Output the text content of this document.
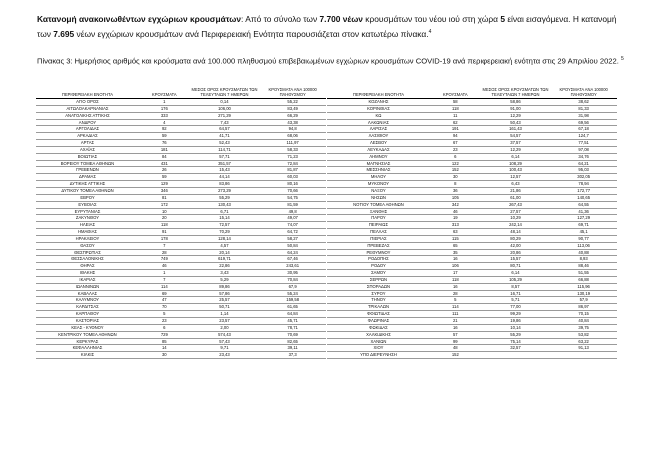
Κατανομή ανακοινωθέντων εγχώριων κρουσμάτων: Από το σύνολο των 7.700 νέων κρουσμάτων του νέου ιού στη χώρα 5 είναι εισαγόμενα. Η κατανομή των 7.695 νέων εγχώριων κρουσμάτων ανά Περιφερειακή Ενότητα παρουσιάζεται στον κατωτέρω πίνακα.$^4$
Πίνακας 3: Ημερήσιος αριθμός και κρούσματα ανά 100.000 πληθυσμού επιβεβαιωμένων εγχώριων κρουσμάτων COVID-19 ανά περιφερειακή ενότητα στις 29 Απριλίου 2022. $^5$
ΠΕΡΙΦΕΡΕΙΑΚΗ ΕΝΟΤΗΤΑ	ΚΡΟΥΣΜΑΤΑ	ΜΕΣΟΣ ΟΡΟΣ ΚΡΟΥΣΜΑΤΩΝ ΤΩΝ ΤΕΛΕΥΤΑΙΩΝ 7 ΗΜΕΡΩΝ	ΚΡΟΥΣΜΑΤΑ ΑΝΑ 100000 ΠΛΗΘΥΣΜΟΥ
ΑΓΙΟ ΟΡΟΣ	1	0,14	55,22
ΑΙΤΩΛΟΑΚΑΡΝΑΝΙΑΣ	176	106,00	83,49
ΑΝΑΤΟΛΙΚΗΣ ΑΤΤΙΚΗΣ	333	271,29	66,29
ΑΝΔΡΟΥ	4	7,43	43,38
ΑΡΓΟΛΙΔΑΣ	92	64,57	94,8
ΑΡΚΑΔΙΑΣ	59	41,71	68,06
ΑΡΤΑΣ	76	52,43	111,97
ΑΧΑΪΑΣ	181	114,71	58,33
ΒΟΙΩΤΙΑΣ	84	57,71	71,23
ΒΟΡΕΙΟΥ ΤΟΜΕΑ ΑΘΗΝΩΝ	431	351,57	72,84
ΓΡΕΒΕΝΩΝ	26	15,43	81,87
ΔΡΑΜΑΣ	59	44,14	60,03
ΔΥΤΙΚΗΣ ΑΤΤΙΚΗΣ	129	83,86	80,16
ΔΥΤΙΚΟΥ ΤΟΜΕΑ ΑΘΗΝΩΝ	346	273,29	70,66
ΕΒΡΟΥ	81	55,29	54,75
ΕΥΒΟΙΑΣ	172	130,43	81,59
ΕΥΡΥΤΑΝΙΑΣ	10	6,71	49,8
ΖΑΚΥΝΘΟΥ	20	15,14	49,07
ΗΛΕΙΑΣ	118	72,57	74,07
ΗΜΑΘΙΑΣ	91	70,29	64,72
ΗΡΑΚΛΕΙΟΥ	178	128,14	58,27
ΘΑΣΟΥ	7	4,57	50,84
ΘΕΣΠΡΩΤΙΑΣ	28	20,14	64,24
ΘΕΣΣΑΛΟΝΙΚΗΣ	749	619,71	67,46
ΘΗΡΑΣ	46	22,86	243,61
ΙΘΑΚΗΣ	1	3,43	30,95
ΙΚΑΡΙΑΣ	7	5,29	70,84
ΙΩΑΝΝΙΝΩΝ	114	89,86	67,9
ΚΑΒΑΛΑΣ	69	57,86	55,24
ΚΑΛΥΜΝΟΥ	47	25,57	159,58
ΚΑΡΔΙΤΣΑΣ	70	50,71	61,65
ΚΑΡΠΑΘΟΥ	5	1,14	64,84
ΚΑΣΤΟΡΙΑΣ	23	23,57	45,71
ΚΕΑΣ - ΚΥΘΝΟΥ	6	2,00	78,71
ΚΕΝΤΡΙΚΟΥ ΤΟΜΕΑ ΑΘΗΝΩΝ	729	574,43	70,69
ΚΕΡΚΥΡΑΣ	85	57,43	82,65
ΚΕΦΑΛΛΗΝΙΑΣ	14	9,71	39,11
ΚΙΛΚΙΣ	30	23,43	37,3
ΠΕΡΙΦΕΡΕΙΑΚΗ ΕΝΟΤΗΤΑ	ΚΡΟΥΣΜΑΤΑ	ΜΕΣΟΣ ΟΡΟΣ ΚΡΟΥΣΜΑΤΩΝ ΤΩΝ ΤΕΛΕΥΤΑΙΩΝ 7 ΗΜΕΡΩΝ	ΚΡΟΥΣΜΑΤΑ ΑΝΑ 100000 ΠΛΗΘΥΣΜΟΥ
ΚΟΖΑΝΗΣ	58	58,86	38,62
ΚΟΡΙΝΘΙΑΣ	118	91,00	81,33
ΚΩ	11	12,29	31,98
ΛΑΚΩΝΙΑΣ	62	50,43	69,56
ΛΑΡΙΣΑΣ	191	161,43	67,18
ΛΑΣΙΘΙΟΥ	94	54,57	124,7
ΛΕΣΒΟΥ	67	37,57	77,51
ΛΕΥΚΑΔΑΣ	23	12,29	97,08
ΛΗΜΝΟΥ	6	6,14	34,76
ΜΑΓΝΗΣΙΑΣ	122	108,29	64,21
ΜΕΣΣΗΝΙΑΣ	152	100,43	95,03
ΜΗΛΟΥ	30	12,57	302,05
ΜΥΚΟΝΟΥ	8	6,43	78,94
ΝΑΞΟΥ	36	21,86	172,77
ΝΗΣΩΝ	105	61,00	140,65
ΝΟΤΙΟΥ ΤΟΜΕΑ ΑΘΗΝΩΝ	342	267,43	64,55
ΞΑΝΘΗΣ	46	27,57	41,36
ΠΑΡΟΥ	19	10,29	127,29
ΠΕΙΡΑΙΩΣ	313	242,14	69,71
ΠΕΛΛΑΣ	63	48,14	45,1
ΠΙΕΡΙΑΣ	115	80,29	90,77
ΠΡΕΒΕΖΑΣ	65	42,00	113,06
ΡΕΘΥΜΝΟΥ	35	20,86	40,88
ΡΟΔΟΠΗΣ	16	15,57	8,93
ΡΟΔΟΥ	106	80,71	88,46
ΣΑΜΟΥ	17	6,14	51,55
ΣΕΡΡΩΝ	118	105,29	66,88
ΣΠΟΡΑΔΩΝ	16	8,57	115,96
ΣΥΡΟΥ	28	16,71	130,19
ΤΗΝΟΥ	5	5,71	57,9
ΤΡΙΚΑΛΩΝ	114	77,00	86,97
ΦΘΙΩΤΙΔΑΣ	111	99,29	70,15
ΦΛΩΡΙΝΑΣ	21	19,86	40,84
ΦΩΚΙΔΑΣ	16	10,14	39,75
ΧΑΛΚΙΔΙΚΗΣ	57	55,29	53,82
ΧΑΝΙΩΝ	99	75,14	63,22
ΧΙΟΥ	48	32,57	91,13
ΥΠΟ ΔΙΕΡΕΥΝΗΣΗ	152		
